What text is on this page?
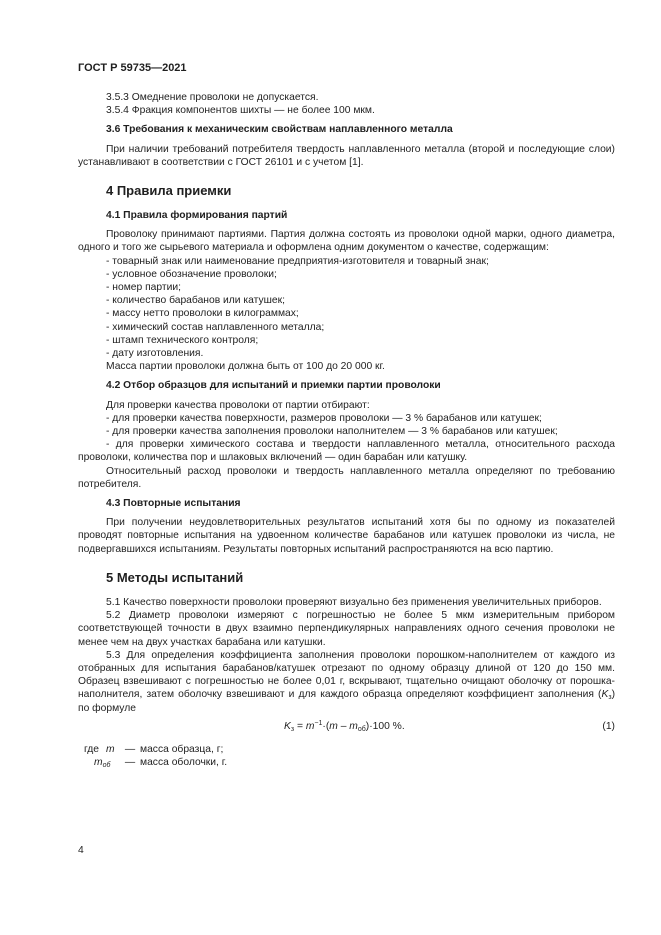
ГОСТ Р 59735—2021

3.5.3 Омеднение проволоки не допускается.

3.5.4 Фракция компонентов шихты — не более 100 мкм.

3.6 Требования к механическим свойствам наплавленного металла

При наличии требований потребителя твердость наплавленного металла (второй и последующие слои) устанавливают в соответствии с ГОСТ 26101 и с учетом [1].

4 Правила приемки

4.1 Правила формирования партий

Проволоку принимают партиями. Партия должна состоять из проволоки одной марки, одного диаметра, одного и того же сырьевого материала и оформлена одним документом о качестве, содержащим:

- товарный знак или наименование предприятия-изготовителя и товарный знак;
- условное обозначение проволоки;
- номер партии;
- количество барабанов или катушек;
- массу нетто проволоки в килограммах;
- химический состав наплавленного металла;
- штамп технического контроля;
- дату изготовления.

Масса партии проволоки должна быть от 100 до 20 000 кг.

4.2 Отбор образцов для испытаний и приемки партии проволоки

Для проверки качества проволоки от партии отбирают:

- для проверки качества поверхности, размеров проволоки — 3 % барабанов или катушек;

- для проверки качества заполнения проволоки наполнителем — 3 % барабанов или катушек;

- для проверки химического состава и твердости наплавленного металла, относительного расхода проволоки, количества пор и шлаковых включений — один барабан или катушку.

Относительный расход проволоки и твердость наплавленного металла определяют по требованию потребителя.

4.3 Повторные испытания

При получении неудовлетворительных результатов испытаний хотя бы по одному из показателей проводят повторные испытания на удвоенном количестве барабанов или катушек проволоки из числа, не подвергавшихся испытаниям. Результаты повторных испытаний распространяются на всю партию.

5 Методы испытаний

5.1 Качество поверхности проволоки проверяют визуально без применения увеличительных приборов.

5.2 Диаметр проволоки измеряют с погрешностью не более 5 мкм измерительным прибором соответствующей точности в двух взаимно перпендикулярных направлениях одного сечения проволоки не менее чем на двух участках барабана или катушки.

5.3 Для определения коэффициента заполнения проволоки порошком-наполнителем от каждого из отобранных для испытания барабанов/катушек отрезают по одному образцу длиной от 120 до 150 мм. Образец взвешивают с погрешностью не более 0,01 г, вскрывают, тщательно очищают оболочку от порошка-наполнителя, затем оболочку взвешивают и для каждого образца определяют коэффициент заполнения $(K_з)$ по формуле

$K_з = m^{-1}\cdot(m - m_{об})\cdot 100$ %.	(1)
где m — масса образца, г;
$m_{об}$	— масса оболочки, г.
4
